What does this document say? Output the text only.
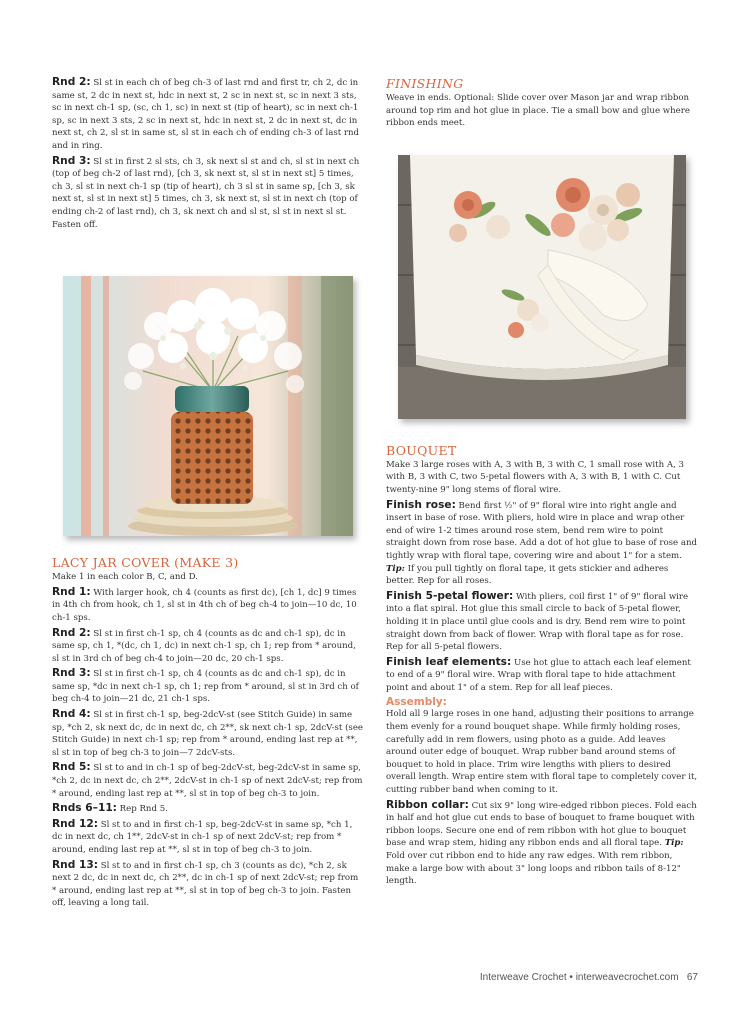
Rnd 2: Sl st in each ch of beg ch-3 of last rnd and first tr, ch 2, dc in same st, 2 dc in next st, hdc in next st, 2 sc in next st, sc in next 3 sts, sc in next ch-1 sp, (sc, ch 1, sc) in next st (tip of heart), sc in next ch-1 sp, sc in next 3 sts, 2 sc in next st, hdc in next st, 2 dc in next st, dc in next st, ch 2, sl st in same st, sl st in each ch of ending ch-3 of last rnd and in ring.

Rnd 3: Sl st in first 2 sl sts, ch 3, sk next sl st and ch, sl st in next ch (top of beg ch-2 of last rnd), [ch 3, sk next st, sl st in next st] 5 times, ch 3, sl st in next ch-1 sp (tip of heart), ch 3 sl st in same sp, [ch 3, sk next st, sl st in next st] 5 times, ch 3, sk next st, sl st in next ch (top of ending ch-2 of last rnd), ch 3, sk next ch and sl st, sl st in next sl st. Fasten off.

LACY JAR COVER (MAKE 3)

Make 1 in each color B, C, and D.

Rnd 1: With larger hook, ch 4 (counts as first dc), [ch 1, dc] 9 times in 4th ch from hook, ch 1, sl st in 4th ch of beg ch-4 to join—10 dc, 10 ch-1 sps.

Rnd 2: Sl st in first ch-1 sp, ch 4 (counts as dc and ch-1 sp), dc in same sp, ch 1, *(dc, ch 1, dc) in next ch-1 sp, ch 1; rep from * around, sl st in 3rd ch of beg ch-4 to join—20 dc, 20 ch-1 sps.

Rnd 3: Sl st in first ch-1 sp, ch 4 (counts as dc and ch-1 sp), dc in same sp, *dc in next ch-1 sp, ch 1; rep from * around, sl st in 3rd ch of beg ch-4 to join—21 dc, 21 ch-1 sps.

Rnd 4: Sl st in first ch-1 sp, beg-2dcV-st (see Stitch Guide) in same sp, *ch 2, sk next dc, dc in next dc, ch 2**, sk next ch-1 sp, 2dcV-st (see Stitch Guide) in next ch-1 sp; rep from * around, ending last rep at **, sl st in top of beg ch-3 to join—7 2dcV-sts.

Rnd 5: Sl st to and in ch-1 sp of beg-2dcV-st, beg-2dcV-st in same sp, *ch 2, dc in next dc, ch 2**, 2dcV-st in ch-1 sp of next 2dcV-st; rep from * around, ending last rep at **, sl st in top of beg ch-3 to join.

Rnds 6–11: Rep Rnd 5.

Rnd 12: Sl st to and in first ch-1 sp, beg-2dcV-st in same sp, *ch 1, dc in next dc, ch 1**, 2dcV-st in ch-1 sp of next 2dcV-st; rep from * around, ending last rep at **, sl st in top of beg ch-3 to join.

Rnd 13: Sl st to and in first ch-1 sp, ch 3 (counts as dc), *ch 2, sk next 2 dc, dc in next dc, ch 2**, dc in ch-1 sp of next 2dcV-st; rep from * around, ending last rep at **, sl st in top of beg ch-3 to join. Fasten off, leaving a long tail.

FINISHING

Weave in ends. Optional: Slide cover over Mason jar and wrap ribbon around top rim and hot glue in place. Tie a small bow and glue where ribbon ends meet.

BOUQUET

Make 3 large roses with A, 3 with B, 3 with C, 1 small rose with A, 3 with B, 3 with C, two 5-petal flowers with A, 3 with B, 1 with C. Cut twenty-nine 9" long stems of floral wire.

Finish rose: Bend first ½" of 9" floral wire into right angle and insert in base of rose. With pliers, hold wire in place and wrap other end of wire 1-2 times around rose stem, bend rem wire to point straight down from rose base. Add a dot of hot glue to base of rose and tightly wrap with floral tape, covering wire and about 1" for a stem. Tip: If you pull tightly on floral tape, it gets stickier and adheres better. Rep for all roses.

Finish 5-petal flower: With pliers, coil first 1" of 9" floral wire into a flat spiral. Hot glue this small circle to back of 5-petal flower, holding it in place until glue cools and is dry. Bend rem wire to point straight down from back of flower. Wrap with floral tape as for rose. Rep for all 5-petal flowers.

Finish leaf elements: Use hot glue to attach each leaf element to end of a 9" floral wire. Wrap with floral tape to hide attachment point and about 1" of a stem. Rep for all leaf pieces.

Assembly:

Hold all 9 large roses in one hand, adjusting their positions to arrange them evenly for a round bouquet shape. While firmly holding roses, carefully add in rem flowers, using photo as a guide. Add leaves around outer edge of bouquet. Wrap rubber band around stems of bouquet to hold in place. Trim wire lengths with pliers to desired overall length. Wrap entire stem with floral tape to completely cover it, cutting rubber band when coming to it.

Ribbon collar: Cut six 9" long wire-edged ribbon pieces. Fold each in half and hot glue cut ends to base of bouquet to frame bouquet with ribbon loops. Secure one end of rem ribbon with hot glue to bouquet base and wrap stem, hiding any ribbon ends and all floral tape. Tip: Fold over cut ribbon end to hide any raw edges. With rem ribbon, make a large bow with about 3" long loops and ribbon tails of 8-12" length.

Interweave Crochet • interweavecrochet.com 67
